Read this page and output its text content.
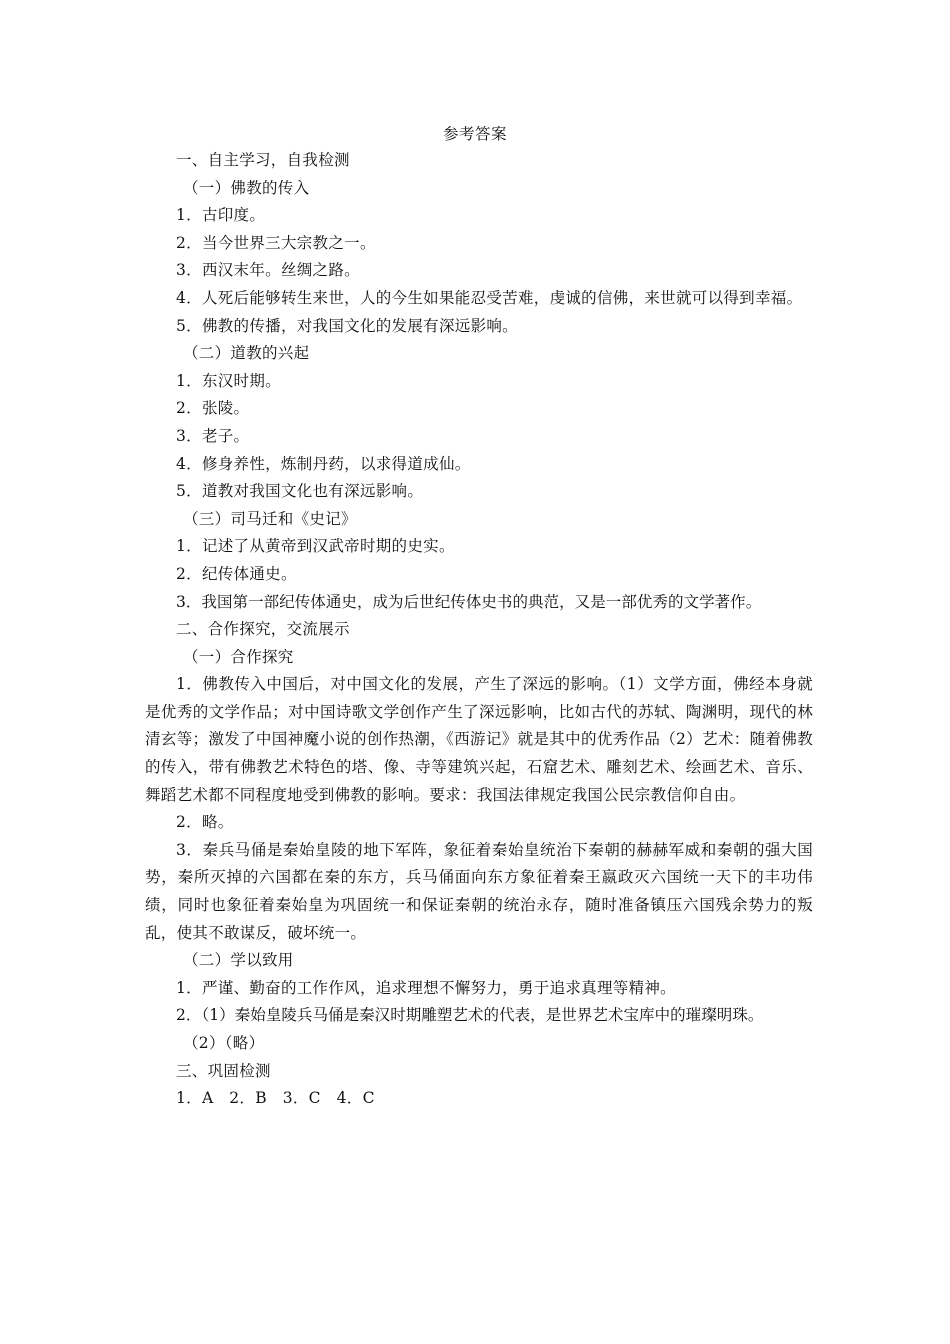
参考答案
一、自主学习，自我检测
（一）佛教的传入
1．古印度。
2．当今世界三大宗教之一。
3．西汉末年。丝绸之路。
4．人死后能够转生来世，人的今生如果能忍受苦难，虔诚的信佛，来世就可以得到幸福。
5．佛教的传播，对我国文化的发展有深远影响。
（二）道教的兴起
1．东汉时期。
2．张陵。
3．老子。
4．修身养性，炼制丹药，以求得道成仙。
5．道教对我国文化也有深远影响。
（三）司马迁和《史记》
1．记述了从黄帝到汉武帝时期的史实。
2．纪传体通史。
3．我国第一部纪传体通史，成为后世纪传体史书的典范，又是一部优秀的文学著作。
二、合作探究，交流展示
（一）合作探究
1．佛教传入中国后，对中国文化的发展，产生了深远的影响。（1）文学方面，佛经本身就是优秀的文学作品；对中国诗歌文学创作产生了深远影响，比如古代的苏轼、陶渊明，现代的林清玄等；激发了中国神魔小说的创作热潮，《西游记》就是其中的优秀作品（2）艺术：随着佛教的传入，带有佛教艺术特色的塔、像、寺等建筑兴起，石窟艺术、雕刻艺术、绘画艺术、音乐、舞蹈艺术都不同程度地受到佛教的影响。要求：我国法律规定我国公民宗教信仰自由。
2．略。
3．秦兵马俑是秦始皇陵的地下军阵，象征着秦始皇统治下秦朝的赫赫军威和秦朝的强大国势，秦所灭掉的六国都在秦的东方，兵马俑面向东方象征着秦王嬴政灭六国统一天下的丰功伟绩，同时也象征着秦始皇为巩固统一和保证秦朝的统治永存，随时准备镇压六国残余势力的叛乱，使其不敢谋反，破坏统一。
（二）学以致用
1．严谨、勤奋的工作作风，追求理想不懈努力，勇于追求真理等精神。
2．（1）秦始皇陵兵马俑是秦汉时期雕塑艺术的代表，是世界艺术宝库中的璀璨明珠。
（2）（略）
三、巩固检测
1．A　2．B　3．C　4．C
